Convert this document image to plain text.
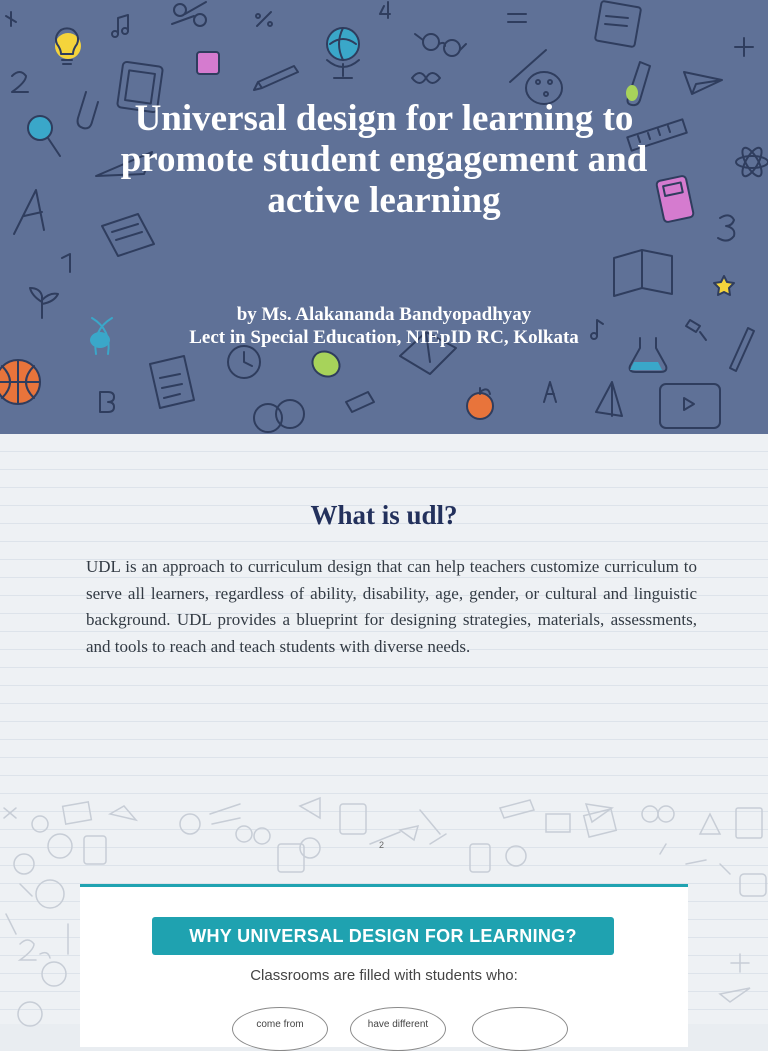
Universal design for learning to promote student engagement and active learning
by Ms. Alakananda Bandyopadhyay
Lect in Special Education, NIEpID RC, Kolkata
What is udl?

UDL is an approach to curriculum design that can help teachers customize curriculum to serve all learners, regardless of ability, disability, age, gender, or cultural and linguistic background. UDL provides a blueprint for designing strategies, materials, assessments, and tools to reach and teach students with diverse needs.

2
WHY UNIVERSAL DESIGN FOR LEARNING?
Classrooms are filled with students who:
come from	have different
